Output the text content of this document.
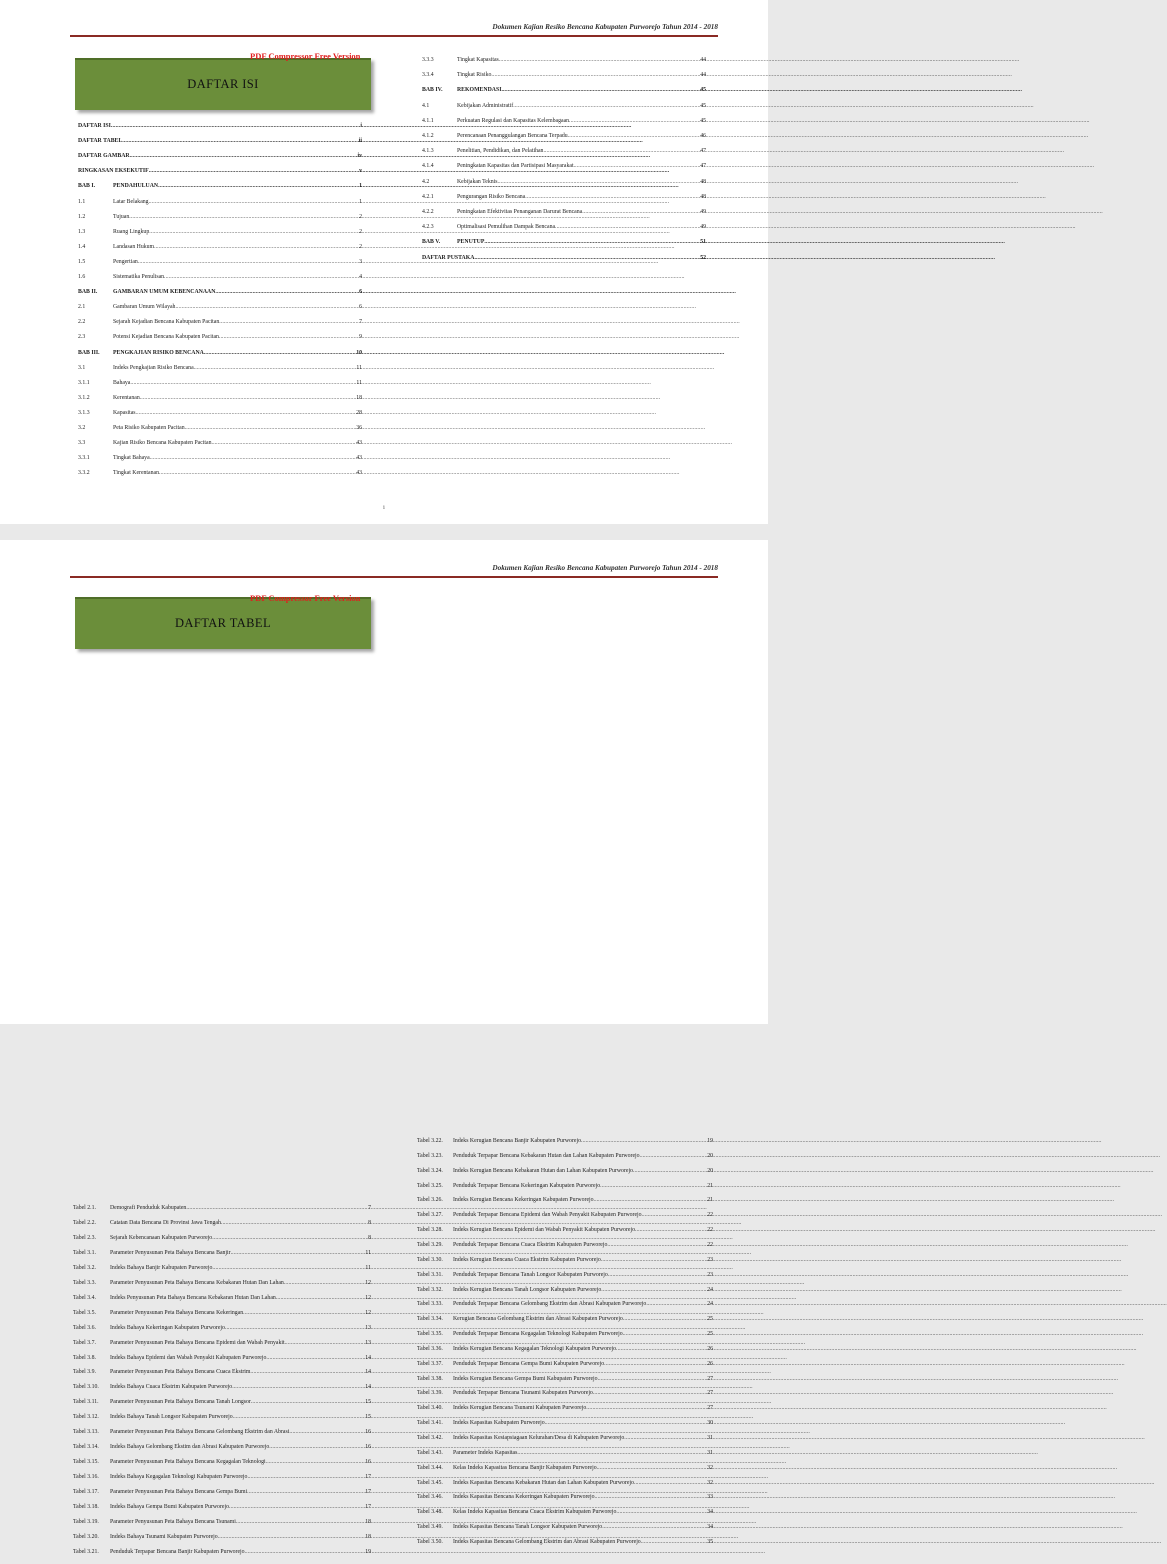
Dokumen Kajian Resiko Bencana Kabupaten Purworejo Tahun 2014 - 2018
DAFTAR ISI
PDF Compressor Free Version
DAFTAR ISI .....	i
DAFTAR TABEL .....	ii
DAFTAR GAMBAR .....	iv
RINGKASAN EKSEKUTIF .....	v
BAB I.	PENDAHULUAN .....	1
1.1	Latar Belakang .....	1
1.2	Tujuan .....	2
1.3	Ruang Lingkup .....	2
1.4	Landasan Hukum .....	2
1.5	Pengertian .....	3
1.6	Sistematika Penulisan .....	4
BAB II.	GAMBARAN UMUM KEBENCANAAN .....	6
2.1	Gambaran Umum Wilayah .....	6
2.2	Sejarah Kejadian Bencana Kabupaten Pacitan .....	7
2.3	Potensi Kejadian Bencana Kabupaten Pacitan .....	9
BAB III.	PENGKAJIAN RISIKO BENCANA .....	10
3.1	Indeks Pengkajian Risiko Bencana .....	11
3.1.1	Bahaya .....	11
3.1.2	Kerentanan .....	18
3.1.3	Kapasitas .....	28
3.2	Peta Risiko Kabupaten Pacitan .....	36
3.3	Kajian Risiko Bencana Kabupaten Pacitan .....	43
3.3.1	Tingkat Bahaya .....	43
3.3.2	Tingkat Kerentanan .....	43
3.3.3	Tingkat Kapasitas .....	44
3.3.4	Tingkat Risiko .....	44
BAB IV.	REKOMENDASI .....	45
4.1	Kebijakan Administratif .....	45
4.1.1	Perkuatan Regulasi dan Kapasitas Kelembagaan .....	45
4.1.2	Perencanaan Penanggulangan Bencana Terpadu .....	46
4.1.3	Penelitian, Pendidikan, dan Pelatihan .....	47
4.1.4	Peningkatan Kapasitas dan Partisipasi Masyarakat .....	47
4.2	Kebijakan Teknis .....	48
4.2.1	Pengurangan Risiko Bencana .....	48
4.2.2	Peningkatan Efektivitas Penanganan Darurat Bencana .....	49
4.2.3	Optimalisasi Pemulihan Dampak Bencana .....	49
BAB V.	PENUTUP .....	51
DAFTAR PUSTAKA .....	52
i
Dokumen Kajian Resiko Bencana Kabupaten Purworejo Tahun 2014 - 2018
DAFTAR TABEL
PDF Compressor Free Version
Tabel 2.1.	Demografi Penduduk Kabupaten .....	7
Tabel 2.2.	Catatan Data Bencana Di Provinsi Jawa Tengah .....	8
Tabel 2.3.	Sejarah Kebencanaan Kabupaten Purworejo .....	8
Tabel 3.1.	Parameter Penyusunan Peta Bahaya Bencana Banjir .....	11
Tabel 3.2.	Indeks Bahaya Banjir Kabupaten Purworejo .....	11
Tabel 3.3.	Parameter Penyusunan Peta Bahaya Bencana Kebakaran Hutan Dan Lahan .....	12
Tabel 3.4.	Indeks Penyusunan Peta Bahaya Bencana Kebakaran Hutan Dan Lahan .....	12
Tabel 3.5.	Parameter Penyusunan Peta Bahaya Bencana Kekeringan .....	12
Tabel 3.6.	Indeks Bahaya Kekeringan Kabupaten Purworejo .....	13
Tabel 3.7.	Parameter Penyusunan Peta Bahaya Bencana Epidemi dan Wabah Penyakit .....	13
Tabel 3.8.	Indeks Bahaya Epidemi dan Wabah Penyakit Kabupaten Purworejo .....	14
Tabel 3.9.	Parameter Penyusunan Peta Bahaya Bencana Cuaca Ekstrim .....	14
Tabel 3.10.	Indeks Bahaya Cuaca Ekstrim Kabupaten Purworejo .....	14
Tabel 3.11.	Parameter Penyusunan Peta Bahaya Bencana Tanah Longsor .....	15
Tabel 3.12.	Indeks Bahaya Tanah Longsor Kabupaten Purworejo .....	15
Tabel 3.13.	Parameter Penyusunan Peta Bahaya Bencana Gelombang Ekstrim dan Abrasi .....	16
Tabel 3.14.	Indeks Bahaya Gelombang Ekstim dan Abrasi Kabupaten Purworejo .....	16
Tabel 3.15.	Parameter Penyusunan Peta Bahaya Bencana Kegagalan Teknologi .....	16
Tabel 3.16.	Indeks Bahaya Kegagalan Teknologi Kabupaten Purworejo .....	17
Tabel 3.17.	Parameter Penyusunan Peta Bahaya Bencana Gempa Bumi .....	17
Tabel 3.18.	Indeks Bahaya Gempa Bumi Kabupaten Purworejo .....	17
Tabel 3.19.	Parameter Penyusunan Peta Bahaya Bencana Tsunami .....	18
Tabel 3.20.	Indeks Bahaya Tsunami Kabupaten Purworejo .....	18
Tabel 3.21.	Penduduk Terpapar Bencana Banjir Kabupaten Purworejo .....	19
Tabel 3.22.	Indeks Kerugian Bencana Banjir Kabupaten Purworejo .....	19
Tabel 3.23.	Penduduk Terpapar Bencana Kebakaran Hutan dan Lahan Kabupaten Purworejo .....	20
Tabel 3.24.	Indeks Kerugian Bencana Kebakaran Hutan dan Lahan Kabupaten Purworejo .....	20
Tabel 3.25.	Penduduk Terpapar Bencana Kekeringan Kabupaten Purworejo .....	21
Tabel 3.26.	Indeks Kerugian Bencana Kekeringan Kabupaten Purworejo .....	21
Tabel 3.27.	Penduduk Terpapar Bencana Epidemi dan Wabah Penyakit Kabupaten Purworejo .....	22
Tabel 3.28.	Indeks Kerugian Bencana Epidemi dan Wabah Penyakit Kabupaten Purworejo .....	22
Tabel 3.29.	Penduduk Terpapar Bencana Cuaca Ekstrim Kabupaten Purworejo .....	22
Tabel 3.30.	Indeks Kerugian Bencana Cuaca Ekstrim Kabupaten Purworejo .....	23
Tabel 3.31.	Penduduk Terpapar Bencana Tanah Longsor Kabupaten Purworejo .....	23
Tabel 3.32.	Indeks Kerugian Bencana Tanah Longsor Kabupaten Purworejo .....	24
Tabel 3.33.	Penduduk Terpapar Bencana Gelombang Ekstrim dan Abrasi Kabupaten Purworejo .....	24
Tabel 3.34.	Kerugian Bencana Gelombang Ekstrim dan Abrasi Kabupaten Purworejo .....	25
Tabel 3.35.	Penduduk Terpapar Bencana Kegagalan Teknologi Kabupaten Purworejo .....	25
Tabel 3.36.	Indeks Kerugian Bencana Kegagalan Teknologi Kabupaten Purworejo .....	26
Tabel 3.37.	Penduduk Terpapar Bencana Gempa Bumi Kabupaten Purworejo .....	26
Tabel 3.38.	Indeks Kerugian Bencana Gempa Bumi Kabupaten Purworejo .....	27
Tabel 3.39.	Penduduk Terpapar Bencana Tsunami Kabupaten Purworejo .....	27
Tabel 3.40.	Indeks Kerugian Bencana Tsunami Kabupaten Purworejo .....	27
Tabel 3.41.	Indeks Kapasitas Kabupaten Purworejo .....	30
Tabel 3.42.	Indeks Kapasitas Kesiapsiagaan Kelurahan/Desa di Kabupaten Purworejo .....	31
Tabel 3.43.	Parameter Indeks Kapasitas .....	31
Tabel 3.44.	Kelas Indeks Kapasitas Bencana Banjir Kabupaten Purworejo .....	32
Tabel 3.45.	Indeks Kapasitas Bencana Kebakaran Hutan dan Lahan Kabupaten Purworejo .....	32
Tabel 3.46.	Indeks Kapasitas Bencana Kekeringan Kabupaten Purworejo .....	33
Tabel 3.48.	Kelas Indeks Kapasitas Bencana Cuaca Ekstrim Kabupaten Purworejo .....	34
Tabel 3.49.	Indeks Kapasitas Bencana Tanah Longsor Kabupaten Purworejo .....	34
Tabel 3.50.	Indeks Kapasitas Bencana Gelombang Ekstrim dan Abrasi Kabupaten Purworejo .....	35
